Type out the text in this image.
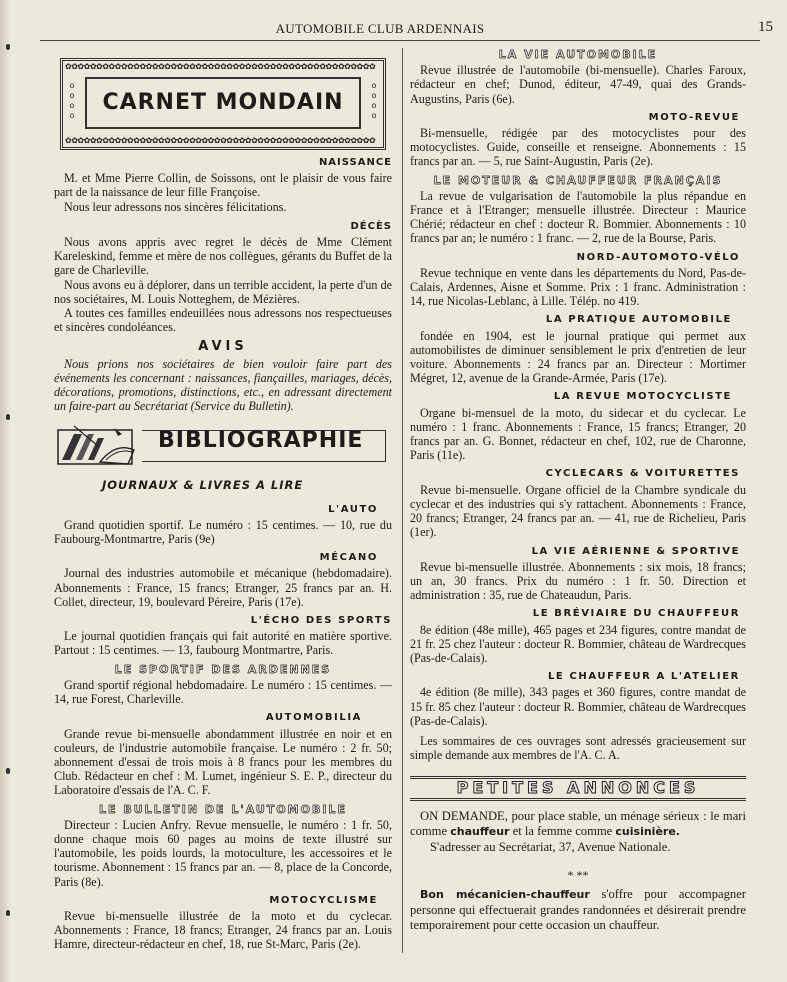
AUTOMOBILE CLUB ARDENNAIS	15
✿✿✿✿✿✿✿✿✿✿✿✿✿✿✿✿✿✿✿✿✿✿✿✿✿✿✿✿✿✿✿✿✿✿✿✿✿✿✿✿✿✿✿✿✿✿✿✿✿✿
✿✿✿✿✿✿✿✿✿✿✿✿✿✿✿✿✿✿✿✿✿✿✿✿✿✿✿✿✿✿✿✿✿✿✿✿✿✿✿✿✿✿✿✿✿✿✿✿✿✿
o
o
o
o
o
o
o
o
CARNET MONDAIN
NAISSANCE

M. et Mme Pierre Collin, de Soissons, ont le plaisir de vous faire part de la naissance de leur fille Françoise.

Nous leur adressons nos sincères félicitations.

DÉCÈS

Nous avons appris avec regret le décès de Mme Clément Kareleskind, femme et mère de nos collègues, gérants du Buffet de la gare de Charleville.

Nous avons eu à déplorer, dans un terrible accident, la perte d'un de nos sociétaires, M. Louis Notteghem, de Mézières.

A toutes ces familles endeuillées nous adressons nos respectueuses et sincères condoléances.

AVIS

Nous prions nos sociétaires de bien vouloir faire part des événements les concernant : naissances, fiançailles, mariages, décès, décorations, promotions, distinctions, etc., en adressant directement un faire-part au Secrétariat (Service du Bulletin).

BIBLIOGRAPHIE
JOURNAUX & LIVRES A LIRE
L'AUTO

Grand quotidien sportif. Le numéro : 15 centimes. — 10, rue du Faubourg-Montmartre, Paris (9e)

MÉCANO

Journal des industries automobile et mécanique (hebdomadaire). Abonnements : France, 15 francs; Etranger, 25 francs par an. H. Collet, directeur, 19, boulevard Péreire, Paris (17e).

L'ÉCHO DES SPORTS

Le journal quotidien français qui fait autorité en matière sportive. Partout : 15 centimes. — 13, faubourg Montmartre, Paris.

LE SPORTIF DES ARDENNES

Grand sportif régional hebdomadaire. Le numéro : 15 centimes. — 14, rue Forest, Charleville.

AUTOMOBILIA

Grande revue bi-mensuelle abondamment illustrée en noir et en couleurs, de l'industrie automobile française. Le numéro : 2 fr. 50; abonnement d'essai de trois mois à 8 francs pour les membres du Club. Rédacteur en chef : M. Lumet, ingénieur S. E. P., directeur du Laboratoire d'essais de l'A. C. F.

LE BULLETIN DE L'AUTOMOBILE

Directeur : Lucien Anfry. Revue mensuelle, le numéro : 1 fr. 50, donne chaque mois 60 pages au moins de texte illustré sur l'automobile, les poids lourds, la motoculture, les accessoires et le tourisme. Abonnement : 15 francs par an. — 8, place de la Concorde, Paris (8e).

MOTOCYCLISME

Revue bi-mensuelle illustrée de la moto et du cyclecar. Abonnements : France, 18 francs; Etranger, 24 francs par an. Louis Hamre, directeur-rédacteur en chef, 18, rue St-Marc, Paris (2e).

LA VIE AUTOMOBILE

Revue illustrée de l'automobile (bi-mensuelle). Charles Faroux, rédacteur en chef; Dunod, éditeur, 47-49, quai des Grands-Augustins, Paris (6e).

MOTO-REVUE

Bi-mensuelle, rédigée par des motocyclistes pour des motocyclistes. Guide, conseille et renseigne. Abonnements : 15 francs par an. — 5, rue Saint-Augustin, Paris (2e).

LE MOTEUR & CHAUFFEUR FRANÇAIS

La revue de vulgarisation de l'automobile la plus répandue en France et à l'Etranger; mensuelle illustrée. Directeur : Maurice Chérié; rédacteur en chef : docteur R. Bommier. Abonnements : 10 francs par an; le numéro : 1 franc. — 2, rue de la Bourse, Paris.

NORD-AUTOMOTO-VÉLO

Revue technique en vente dans les départements du Nord, Pas-de-Calais, Ardennes, Aisne et Somme. Prix : 1 franc. Administration : 14, rue Nicolas-Leblanc, à Lille. Télép. no 419.

LA PRATIQUE AUTOMOBILE

fondée en 1904, est le journal pratique qui permet aux automobilistes de diminuer sensiblement le prix d'entretien de leur voiture. Abonnements : 24 francs par an. Directeur : Mortimer Mégret, 12, avenue de la Grande-Armée, Paris (17e).

LA REVUE MOTOCYCLISTE

Organe bi-mensuel de la moto, du sidecar et du cyclecar. Le numéro : 1 franc. Abonnements : France, 15 francs; Etranger, 20 francs par an. G. Bonnet, rédacteur en chef, 102, rue de Charonne, Paris (11e).

CYCLECARS & VOITURETTES

Revue bi-mensuelle. Organe officiel de la Chambre syndicale du cyclecar et des industries qui s'y rattachent. Abonnements : France, 20 francs; Etranger, 24 francs par an. — 41, rue de Richelieu, Paris (1er).

LA VIE AÉRIENNE & SPORTIVE

Revue bi-mensuelle illustrée. Abonnements : six mois, 18 francs; un an, 30 francs. Prix du numéro : 1 fr. 50. Direction et administration : 35, rue de Chateaudun, Paris.

LE BRÉVIAIRE DU CHAUFFEUR

8e édition (48e mille), 465 pages et 234 figures, contre mandat de 21 fr. 25 chez l'auteur : docteur R. Bommier, château de Wardrecques (Pas-de-Calais).

LE CHAUFFEUR A L'ATELIER

4e édition (8e mille), 343 pages et 360 figures, contre mandat de 15 fr. 85 chez l'auteur : docteur R. Bommier, château de Wardrecques (Pas-de-Calais).

Les sommaires de ces ouvrages sont adressés gracieusement sur simple demande aux membres de l'A. C. A.

PETITES ANNONCES

ON DEMANDE, pour place stable, un ménage sérieux : le mari comme chauffeur et la femme comme cuisinière.

S'adresser au Secrétariat, 37, Avenue Nationale.

* **

Bon mécanicien-chauffeur s'offre pour accompagner personne qui effectuerait grandes randonnées et désirerait prendre temporairement pour cette occasion un chauffeur.
